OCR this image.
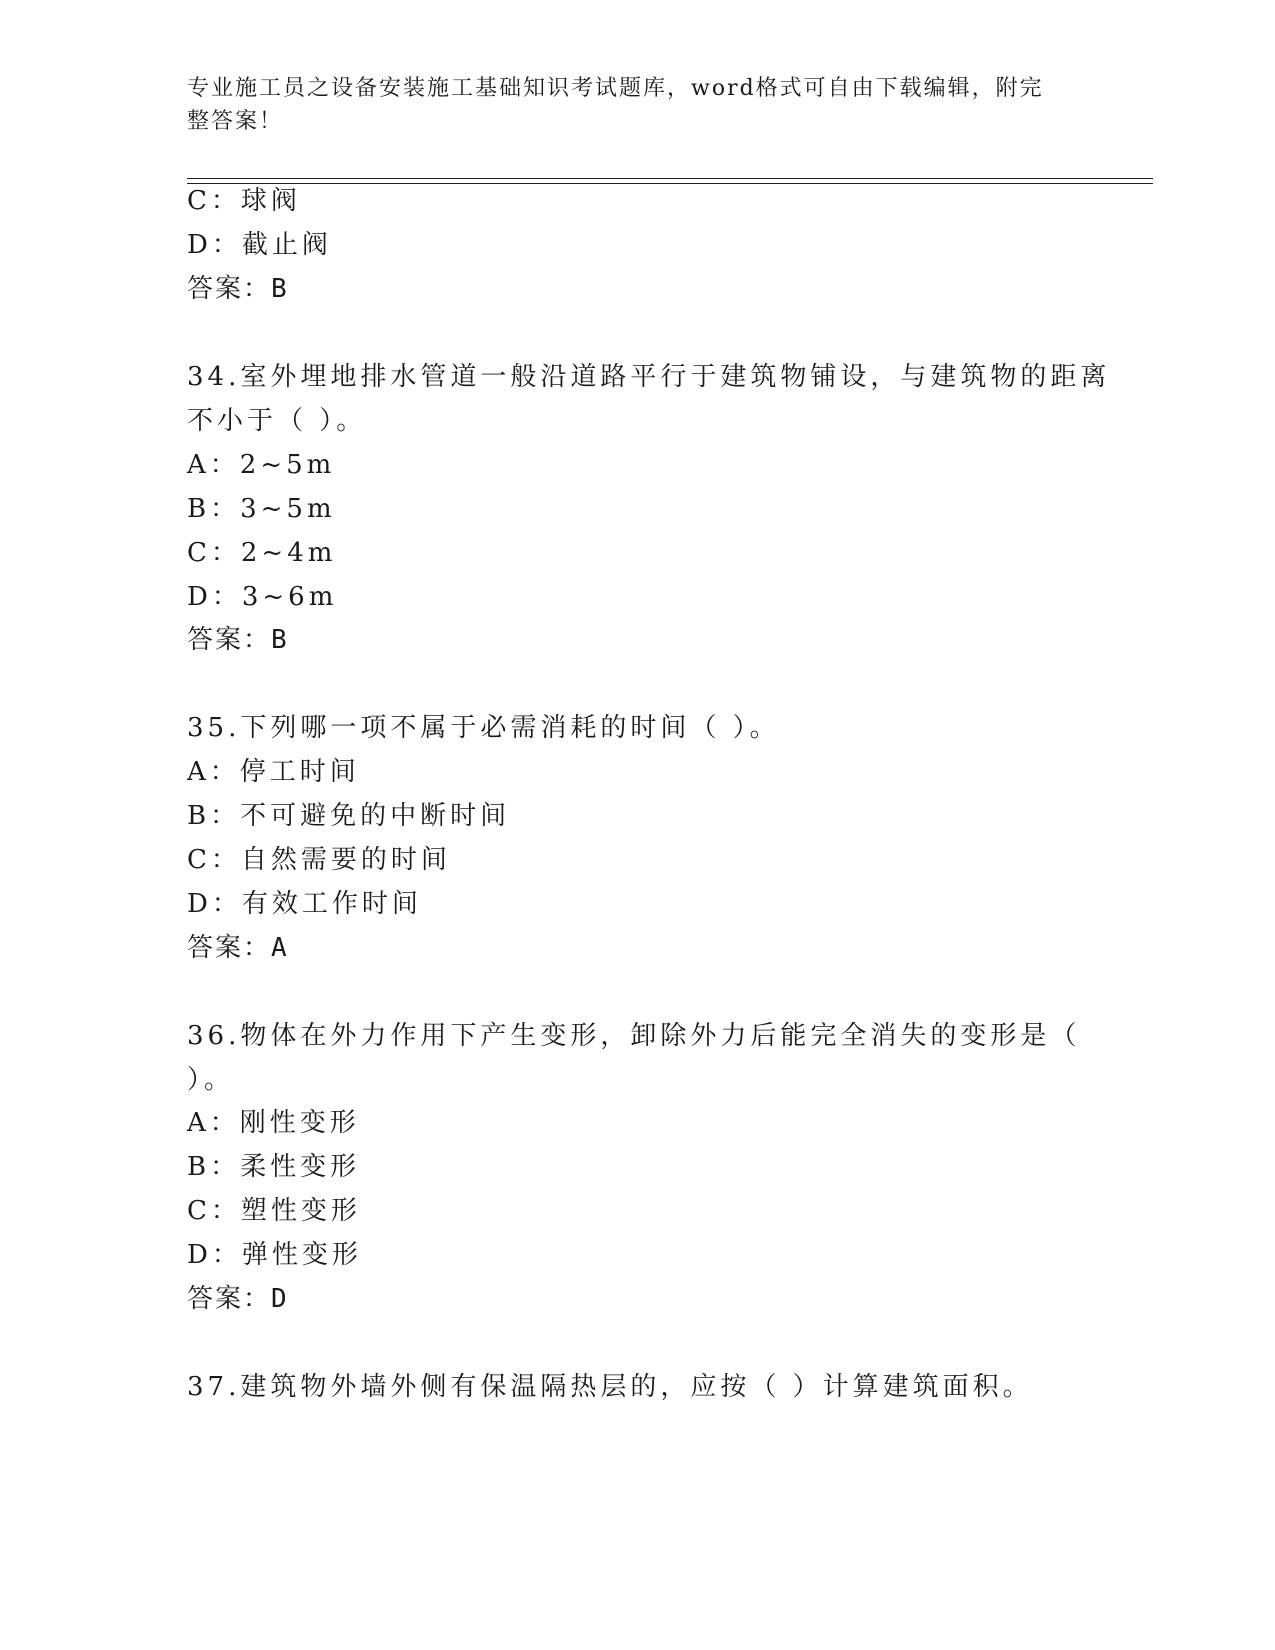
专业施工员之设备安装施工基础知识考试题库，word格式可自由下载编辑，附完整答案！
C：球阀
D：截止阀
答案：B
34.室外埋地排水管道一般沿道路平行于建筑物铺设，与建筑物的距离
不小于（ ）。
A：2~5m
B：3~5m
C：2~4m
D：3~6m
答案：B
35.下列哪一项不属于必需消耗的时间（ ）。
A：停工时间
B：不可避免的中断时间
C：自然需要的时间
D：有效工作时间
答案：A
36.物体在外力作用下产生变形，卸除外力后能完全消失的变形是（
）。
A：刚性变形
B：柔性变形
C：塑性变形
D：弹性变形
答案：D
37.建筑物外墙外侧有保温隔热层的，应按（ ）计算建筑面积。
